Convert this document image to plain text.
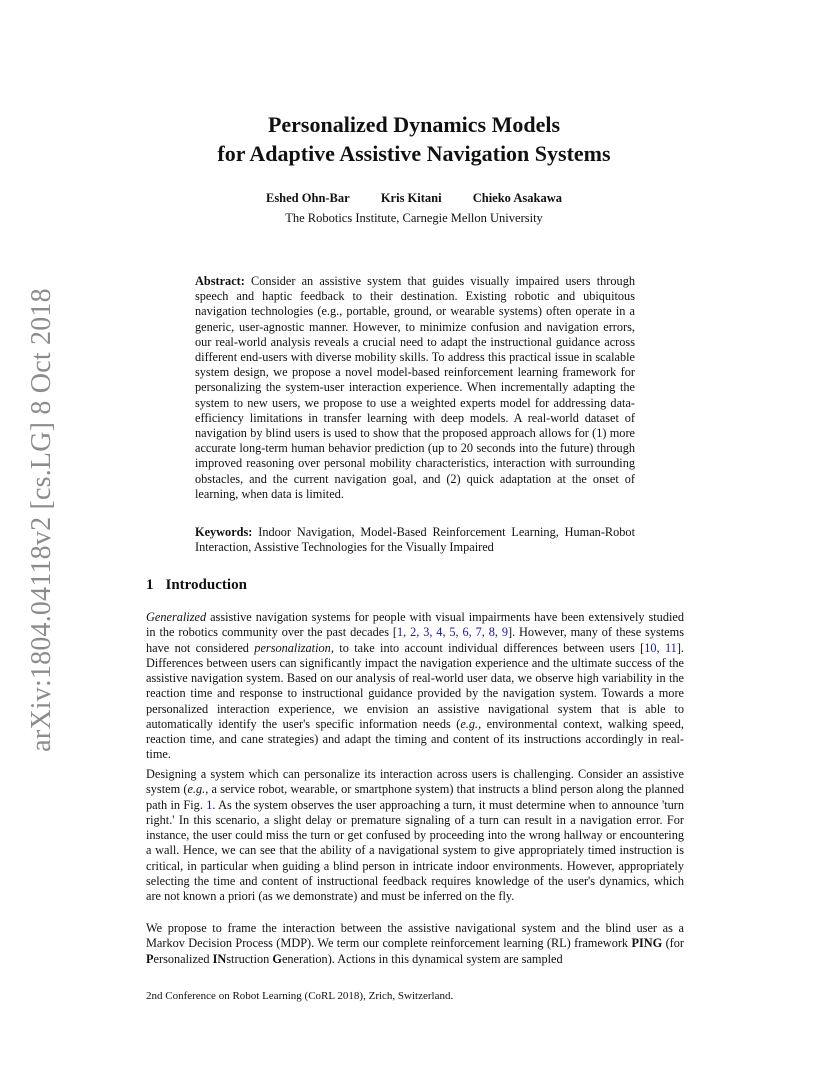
arXiv:1804.04118v2 [cs.LG] 8 Oct 2018
Personalized Dynamics Models
for Adaptive Assistive Navigation Systems
Eshed Ohn-Bar Kris Kitani Chieko Asakawa
The Robotics Institute, Carnegie Mellon University

Abstract: Consider an assistive system that guides visually impaired users through speech and haptic feedback to their destination. Existing robotic and ubiquitous navigation technologies (e.g., portable, ground, or wearable systems) often operate in a generic, user-agnostic manner. However, to minimize confusion and navigation errors, our real-world analysis reveals a crucial need to adapt the instructional guidance across different end-users with diverse mobility skills. To address this practical issue in scalable system design, we propose a novel model-based reinforcement learning framework for personalizing the system-user interaction experience. When incrementally adapting the system to new users, we propose to use a weighted experts model for addressing data-efficiency limitations in transfer learning with deep models. A real-world dataset of navigation by blind users is used to show that the proposed approach allows for (1) more accurate long-term human behavior prediction (up to 20 seconds into the future) through improved reasoning over personal mobility characteristics, interaction with surrounding obstacles, and the current navigation goal, and (2) quick adaptation at the onset of learning, when data is limited.

Keywords: Indoor Navigation, Model-Based Reinforcement Learning, Human-Robot Interaction, Assistive Technologies for the Visually Impaired

1 Introduction

Generalized assistive navigation systems for people with visual impairments have been extensively studied in the robotics community over the past decades [1, 2, 3, 4, 5, 6, 7, 8, 9]. However, many of these systems have not considered personalization, to take into account individual differences between users [10, 11]. Differences between users can significantly impact the navigation experience and the ultimate success of the assistive navigation system. Based on our analysis of real-world user data, we observe high variability in the reaction time and response to instructional guidance provided by the navigation system. Towards a more personalized interaction experience, we envision an assistive navigational system that is able to automatically identify the user's specific information needs (e.g., environmental context, walking speed, reaction time, and cane strategies) and adapt the timing and content of its instructions accordingly in real-time.

Designing a system which can personalize its interaction across users is challenging. Consider an assistive system (e.g., a service robot, wearable, or smartphone system) that instructs a blind person along the planned path in Fig. 1. As the system observes the user approaching a turn, it must determine when to announce 'turn right.' In this scenario, a slight delay or premature signaling of a turn can result in a navigation error. For instance, the user could miss the turn or get confused by proceeding into the wrong hallway or encountering a wall. Hence, we can see that the ability of a navigational system to give appropriately timed instruction is critical, in particular when guiding a blind person in intricate indoor environments. However, appropriately selecting the time and content of instructional feedback requires knowledge of the user's dynamics, which are not known a priori (as we demonstrate) and must be inferred on the fly.

We propose to frame the interaction between the assistive navigational system and the blind user as a Markov Decision Process (MDP). We term our complete reinforcement learning (RL) framework PING (for Personalized INstruction Generation). Actions in this dynamical system are sampled

2nd Conference on Robot Learning (CoRL 2018), Zrich, Switzerland.
